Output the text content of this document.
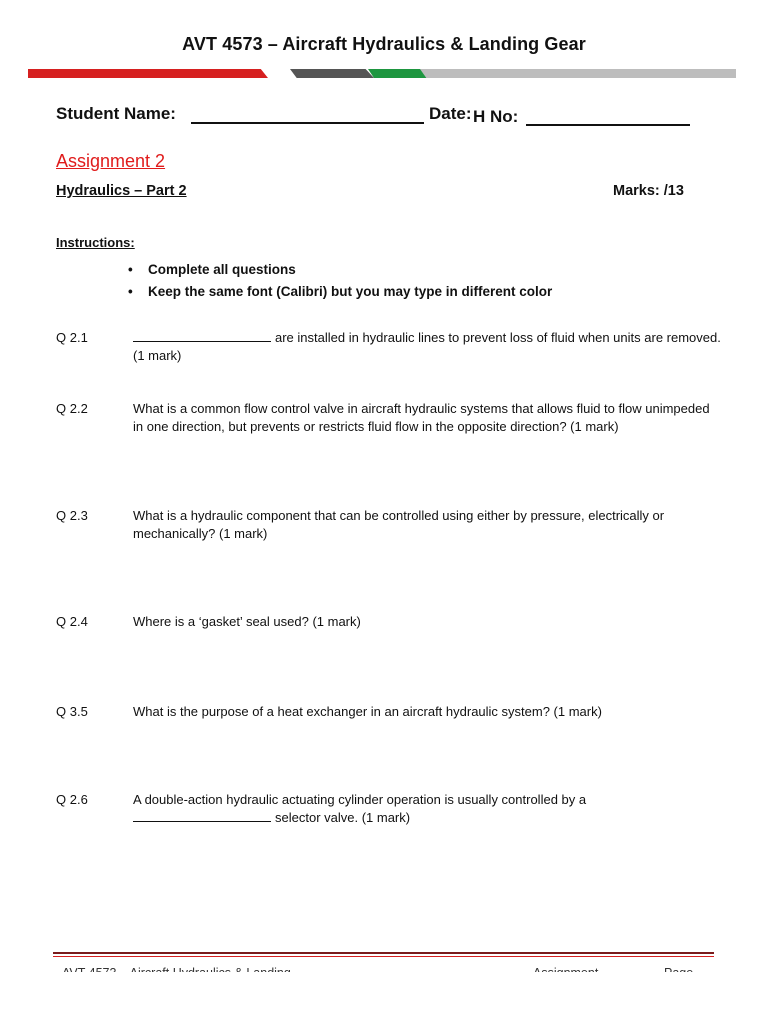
AVT 4573 – Aircraft Hydraulics & Landing Gear
Student Name:	Date: H No:
Assignment 2
Hydraulics – Part 2	Marks: /13
Instructions:
• Complete all questions
• Keep the same font (Calibri) but you may type in different color
Q 2.1	are installed in hydraulic lines to prevent loss of fluid when units are removed. (1 mark)
Q 2.2	What is a common flow control valve in aircraft hydraulic systems that allows fluid to flow unimpeded in one direction, but prevents or restricts fluid flow in the opposite direction? (1 mark)
Q 2.3	What is a hydraulic component that can be controlled using either by pressure, electrically or mechanically? (1 mark)
Q 2.4	Where is a ‘gasket’ seal used? (1 mark)
Q 3.5	What is the purpose of a heat exchanger in an aircraft hydraulic system? (1 mark)
Q 2.6	A double-action hydraulic actuating cylinder operation is usually controlled by a
selector valve. (1 mark)
